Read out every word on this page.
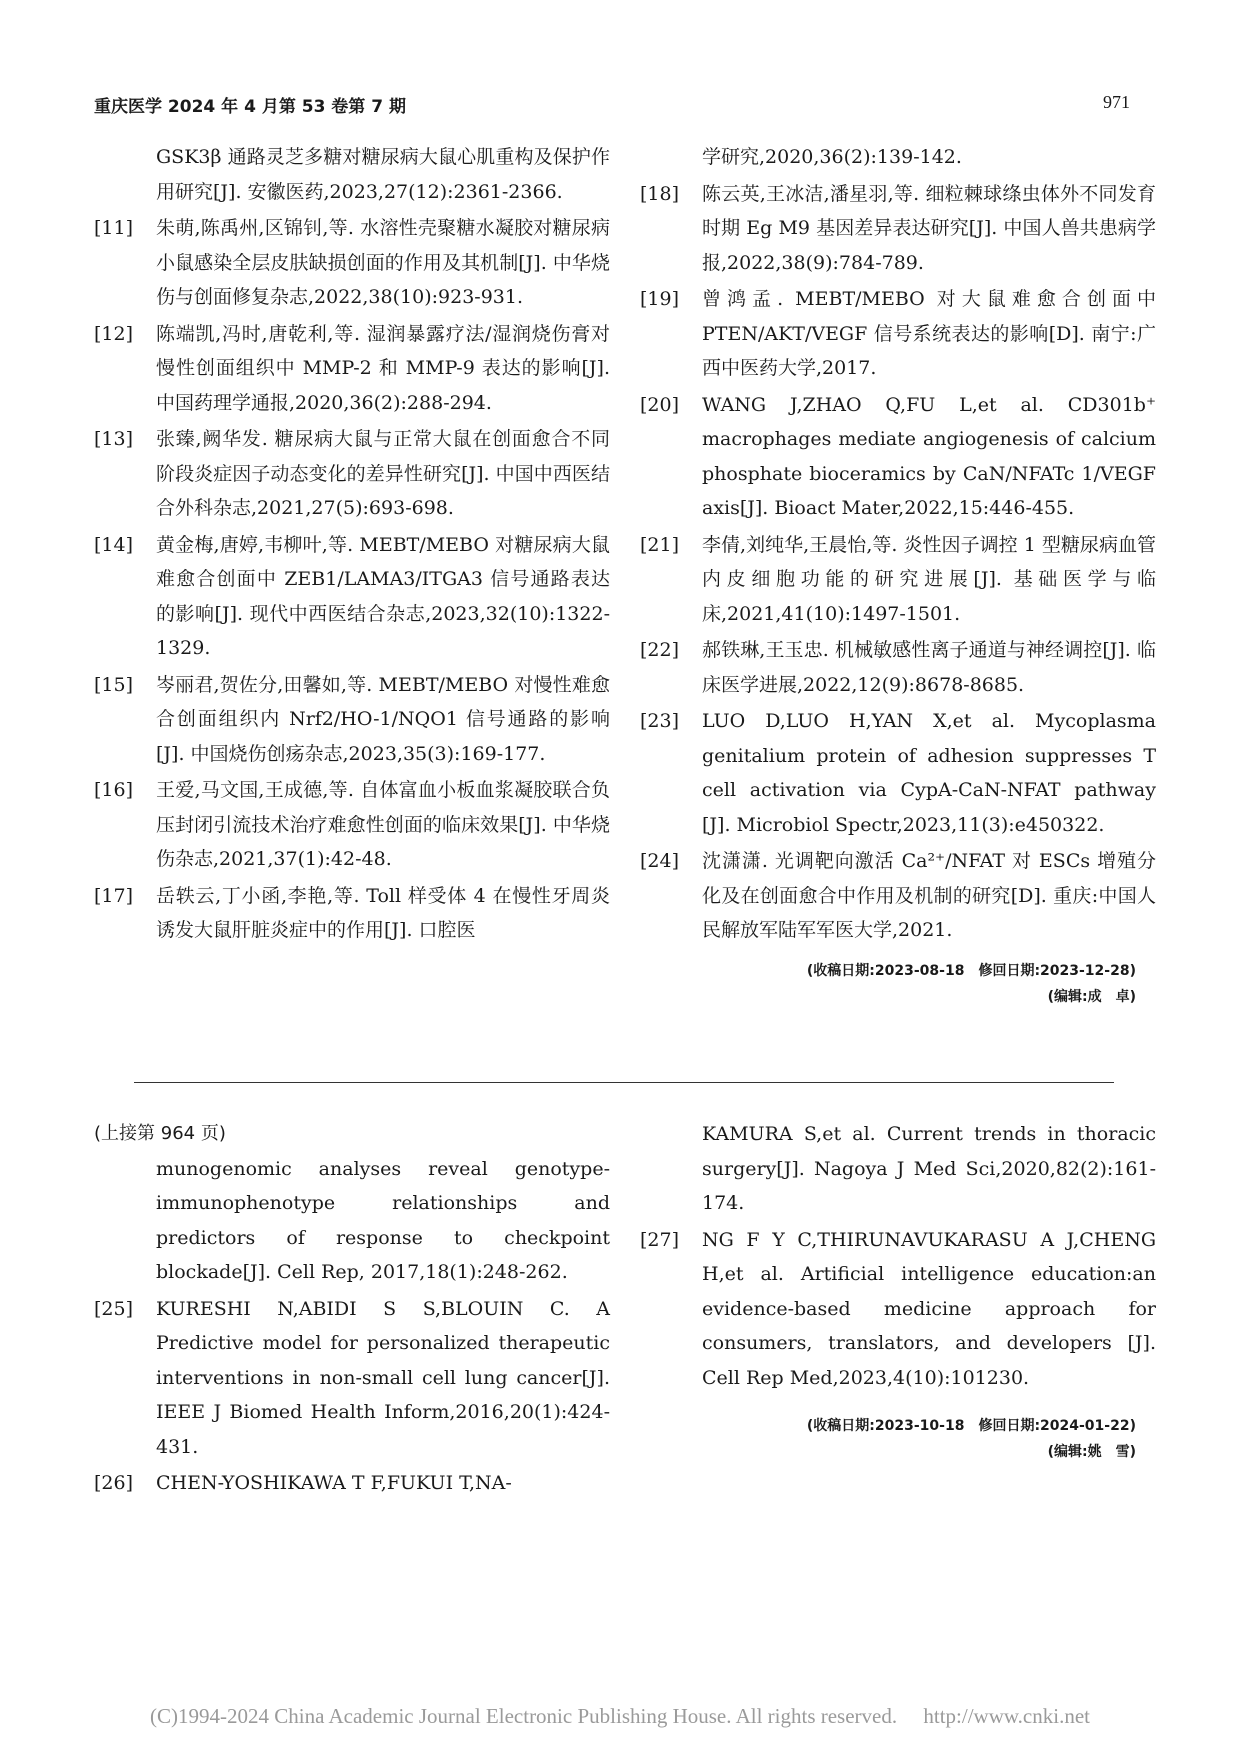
重庆医学 2024 年 4 月第 53 卷第 7 期	971
GSK3β 通路灵芝多糖对糖尿病大鼠心肌重构及保护作用研究[J]. 安徽医药,2023,27(12):2361-2366.
[11]	朱萌,陈禹州,区锦钊,等. 水溶性壳聚糖水凝胶对糖尿病小鼠感染全层皮肤缺损创面的作用及其机制[J]. 中华烧伤与创面修复杂志,2022,38(10):923-931.
[12]	陈端凯,冯时,唐乾利,等. 湿润暴露疗法/湿润烧伤膏对慢性创面组织中 MMP-2 和 MMP-9 表达的影响[J]. 中国药理学通报,2020,36(2):288-294.
[13]	张臻,阙华发. 糖尿病大鼠与正常大鼠在创面愈合不同阶段炎症因子动态变化的差异性研究[J]. 中国中西医结合外科杂志,2021,27(5):693-698.
[14]	黄金梅,唐婷,韦柳叶,等. MEBT/MEBO 对糖尿病大鼠难愈合创面中 ZEB1/LAMA3/ITGA3 信号通路表达的影响[J]. 现代中西医结合杂志,2023,32(10):1322-1329.
[15]	岑丽君,贺佐分,田馨如,等. MEBT/MEBO 对慢性难愈合创面组织内 Nrf2/HO-1/NQO1 信号通路的影响[J]. 中国烧伤创疡杂志,2023,35(3):169-177.
[16]	王爱,马文国,王成德,等. 自体富血小板血浆凝胶联合负压封闭引流技术治疗难愈性创面的临床效果[J]. 中华烧伤杂志,2021,37(1):42-48.
[17]	岳轶云,丁小函,李艳,等. Toll 样受体 4 在慢性牙周炎诱发大鼠肝脏炎症中的作用[J]. 口腔医
学研究,2020,36(2):139-142.
[18]	陈云英,王冰洁,潘星羽,等. 细粒棘球绦虫体外不同发育时期 Eg M9 基因差异表达研究[J]. 中国人兽共患病学报,2022,38(9):784-789.
[19]	曾鸿孟. MEBT/MEBO 对大鼠难愈合创面中 PTEN/AKT/VEGF 信号系统表达的影响[D]. 南宁:广西中医药大学,2017.
[20]	WANG J,ZHAO Q,FU L,et al. CD301b⁺ macrophages mediate angiogenesis of calcium phosphate bioceramics by CaN/NFATc 1/VEGF axis[J]. Bioact Mater,2022,15:446-455.
[21]	李倩,刘纯华,王晨怡,等. 炎性因子调控 1 型糖尿病血管内皮细胞功能的研究进展[J]. 基础医学与临床,2021,41(10):1497-1501.
[22]	郝铁琳,王玉忠. 机械敏感性离子通道与神经调控[J]. 临床医学进展,2022,12(9):8678-8685.
[23]	LUO D,LUO H,YAN X,et al. Mycoplasma genitalium protein of adhesion suppresses T cell activation via CypA-CaN-NFAT pathway [J]. Microbiol Spectr,2023,11(3):e450322.
[24]	沈潇潇. 光调靶向激活 Ca²⁺/NFAT 对 ESCs 增殖分化及在创面愈合中作用及机制的研究[D]. 重庆:中国人民解放军陆军军医大学,2021.
(收稿日期:2023-08-18　修回日期:2023-12-28)
(编辑:成　卓)
(上接第 964 页)
munogenomic analyses reveal genotype-immunophenotype relationships and predictors of response to checkpoint blockade[J]. Cell Rep, 2017,18(1):248-262.
[25]	KURESHI N,ABIDI S S,BLOUIN C. A Predictive model for personalized therapeutic interventions in non-small cell lung cancer[J]. IEEE J Biomed Health Inform,2016,20(1):424-431.
[26]	CHEN-YOSHIKAWA T F,FUKUI T,NA-
KAMURA S,et al. Current trends in thoracic surgery[J]. Nagoya J Med Sci,2020,82(2):161-174.
[27]	NG F Y C,THIRUNAVUKARASU A J,CHENG H,et al. Artificial intelligence education:an evidence-based medicine approach for consumers, translators, and developers [J]. Cell Rep Med,2023,4(10):101230.
(收稿日期:2023-10-18　修回日期:2024-01-22)
(编辑:姚　雪)
(C)1994-2024 China Academic Journal Electronic Publishing House. All rights reserved.　 http://www.cnki.net
